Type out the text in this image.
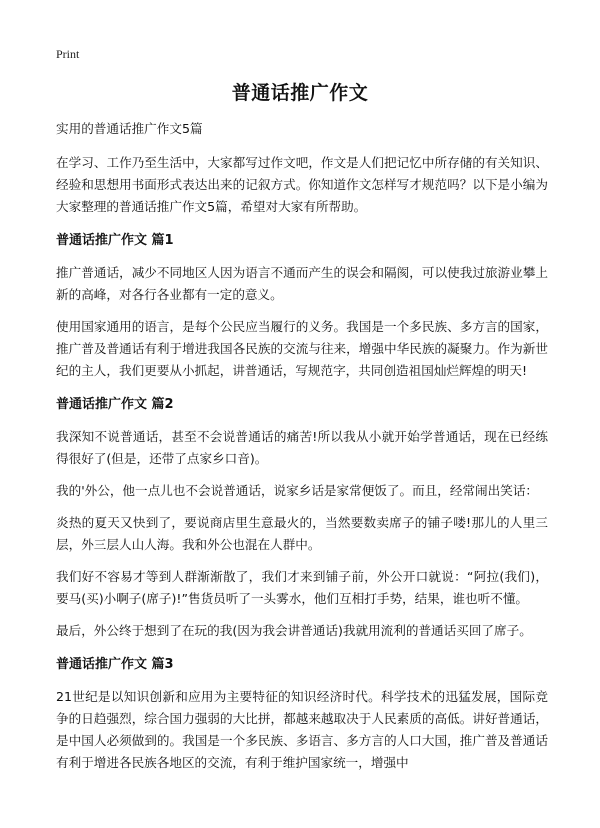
Print
普通话推广作文

实用的普通话推广作文5篇

在学习、工作乃至生活中，大家都写过作文吧，作文是人们把记忆中所存储的有关知识、经验和思想用书面形式表达出来的记叙方式。你知道作文怎样写才规范吗？以下是小编为大家整理的普通话推广作文5篇，希望对大家有所帮助。

普通话推广作文 篇1

推广普通话，减少不同地区人因为语言不通而产生的误会和隔阂，可以使我过旅游业攀上新的高峰，对各行各业都有一定的意义。

使用国家通用的语言，是每个公民应当履行的义务。我国是一个多民族、多方言的国家，推广普及普通话有利于增进我国各民族的交流与往来，增强中华民族的凝聚力。作为新世纪的主人，我们更要从小抓起，讲普通话，写规范字，共同创造祖国灿烂辉煌的明天!

普通话推广作文 篇2

我深知不说普通话，甚至不会说普通话的痛苦!所以我从小就开始学普通话，现在已经练得很好了(但是，还带了点家乡口音)。

我的'外公，他一点儿也不会说普通话，说家乡话是家常便饭了。而且，经常闹出笑话：

炎热的夏天又快到了，要说商店里生意最火的，当然要数卖席子的铺子喽!那儿的人里三层，外三层人山人海。我和外公也混在人群中。

我们好不容易才等到人群渐渐散了，我们才来到铺子前，外公开口就说：“阿拉(我们)，要马(买)小啊子(席子)!”售货员听了一头雾水，他们互相打手势，结果，谁也听不懂。

最后，外公终于想到了在玩的我(因为我会讲普通话)我就用流利的普通话买回了席子。

普通话推广作文 篇3

21世纪是以知识创新和应用为主要特征的知识经济时代。科学技术的迅猛发展，国际竞争的日趋强烈，综合国力强弱的大比拼，都越来越取决于人民素质的高低。讲好普通话，是中国人必须做到的。我国是一个多民族、多语言、多方言的人口大国，推广普及普通话有利于增进各民族各地区的交流，有利于维护国家统一，增强中
